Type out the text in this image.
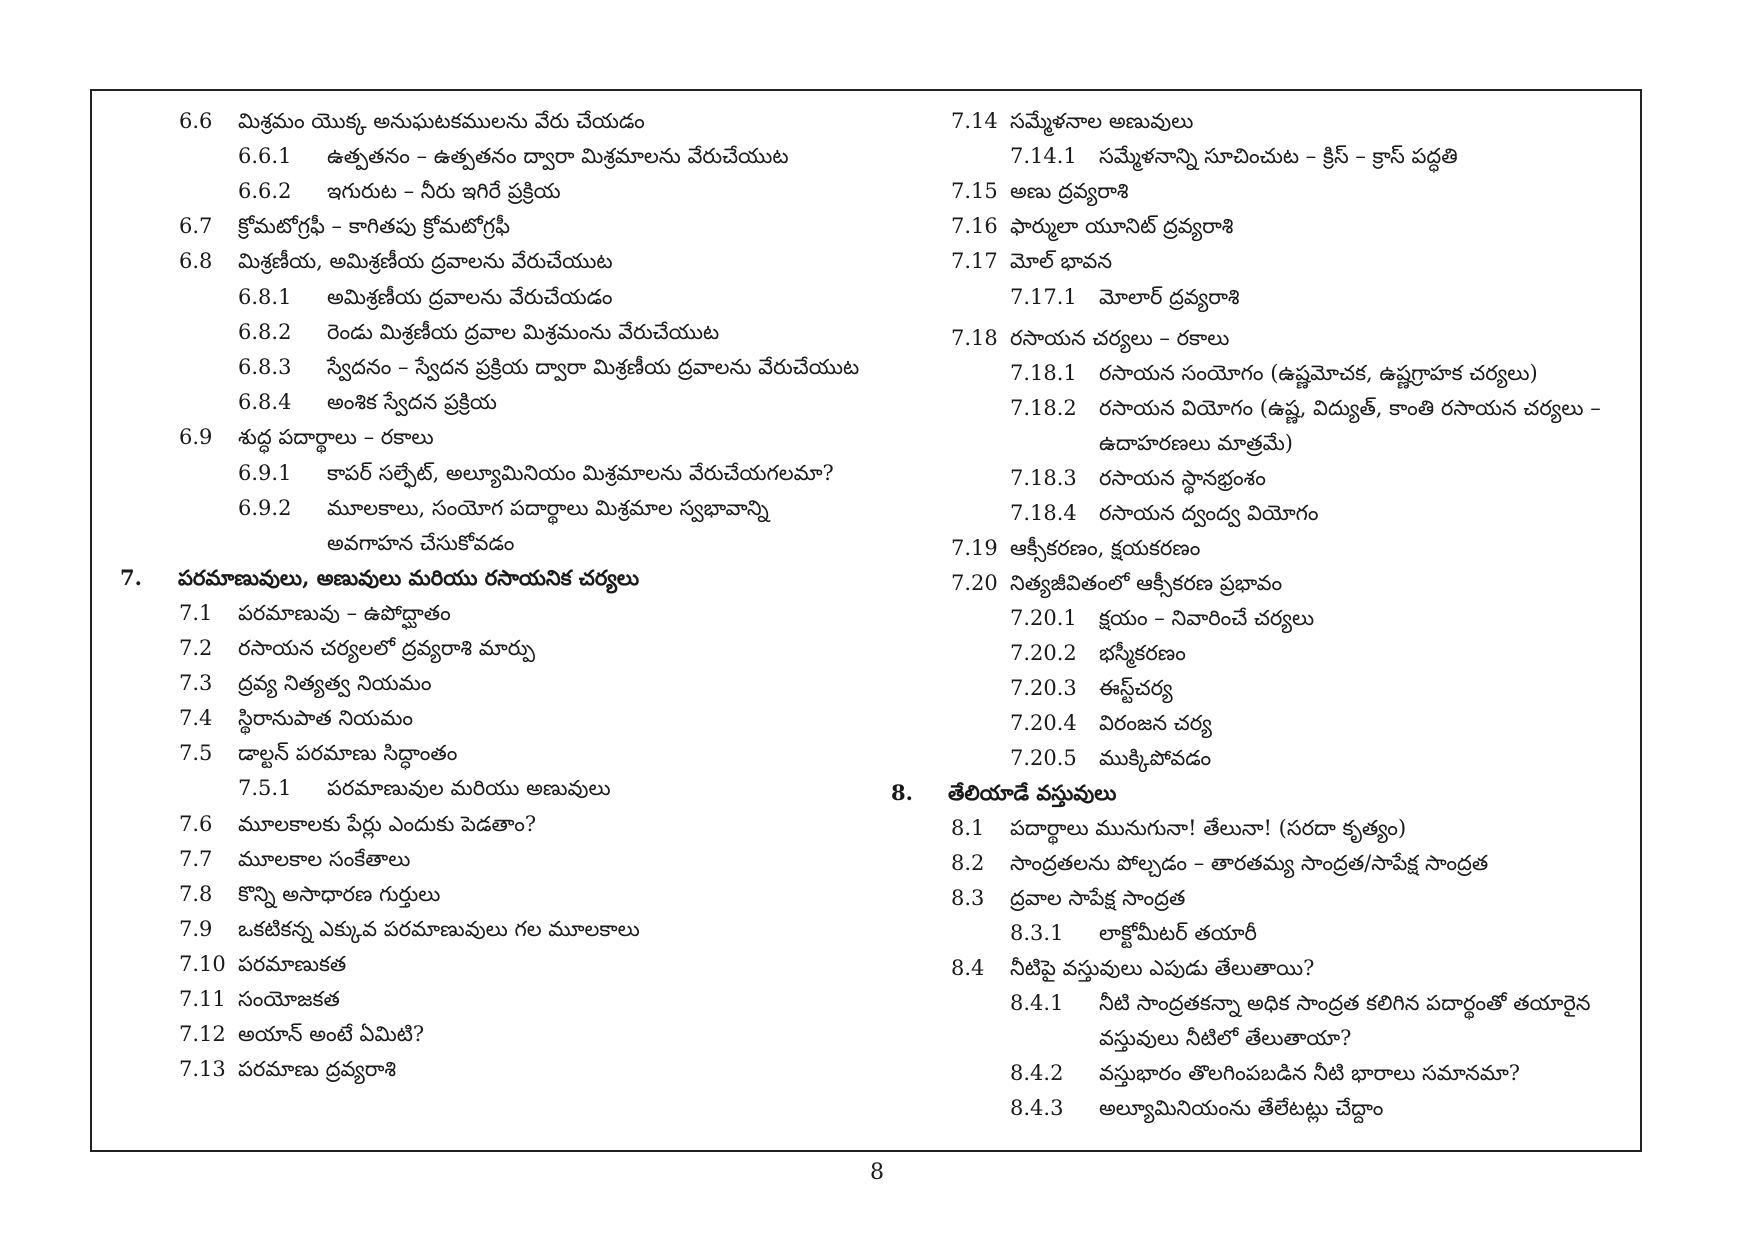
6.6 మిశ్రమం యొక్క అనుఘటకములను వేరు చేయడం
6.6.1 ఉత్పతనం – ఉత్పతనం ద్వారా మిశ్రమాలను వేరుచేయుట
6.6.2 ఇగురుట – నీరు ఇగిరే ప్రక్రియ
6.7 క్రోమటోగ్రఫీ – కాగితపు క్రోమటోగ్రఫీ
6.8 మిశ్రణీయ, అమిశ్రణీయ ద్రవాలను వేరుచేయుట
6.8.1 అమిశ్రణీయ ద్రవాలను వేరుచేయడం
6.8.2 రెండు మిశ్రణీయ ద్రవాల మిశ్రమంను వేరుచేయుట
6.8.3 స్వేదనం – స్వేదన ప్రక్రియ ద్వారా మిశ్రణీయ ద్రవాలను వేరుచేయుట
6.8.4 అంశిక స్వేదన ప్రక్రియ
6.9 శుద్ధ పదార్థాలు – రకాలు
6.9.1 కాపర్ సల్ఫేట్, అల్యూమినియం మిశ్రమాలను వేరుచేయగలమా?
6.9.2 మూలకాలు, సంయోగ పదార్థాలు మిశ్రమాల స్వభావాన్ని
అవగాహన చేసుకోవడం
7. పరమాణువులు, అణువులు మరియు రసాయనిక చర్యలు
7.1 పరమాణువు – ఉపోద్ఘాతం
7.2 రసాయన చర్యలలో ద్రవ్యరాశి మార్పు
7.3 ద్రవ్య నిత్యత్వ నియమం
7.4 స్థిరానుపాత నియమం
7.5 డాల్టన్ పరమాణు సిద్ధాంతం
7.5.1 పరమాణువుల మరియు అణువులు
7.6 మూలకాలకు పేర్లు ఎందుకు పెడతాం?
7.7 మూలకాల సంకేతాలు
7.8 కొన్ని అసాధారణ గుర్తులు
7.9 ఒకటికన్న ఎక్కువ పరమాణువులు గల మూలకాలు
7.10 పరమాణుకత
7.11 సంయోజకత
7.12 అయాన్ అంటే ఏమిటి?
7.13 పరమాణు ద్రవ్యరాశి
7.14 సమ్మేళనాల అణువులు
7.14.1 సమ్మేళనాన్ని సూచించుట – క్రిస్ – క్రాస్ పద్ధతి
7.15 అణు ద్రవ్యరాశి
7.16 ఫార్ములా యూనిట్ ద్రవ్యరాశి
7.17 మోల్ భావన
7.17.1 మోలార్ ద్రవ్యరాశి
7.18 రసాయన చర్యలు – రకాలు
7.18.1 రసాయన సంయోగం (ఉష్ణమోచక, ఉష్ణగ్రాహక చర్యలు)
7.18.2 రసాయన వియోగం (ఉష్ణ, విద్యుత్, కాంతి రసాయన చర్యలు –
ఉదాహరణలు మాత్రమే)
7.18.3 రసాయన స్థానభ్రంశం
7.18.4 రసాయన ద్వంద్వ వియోగం
7.19 ఆక్సీకరణం, క్షయకరణం
7.20 నిత్యజీవితంలో ఆక్సీకరణ ప్రభావం
7.20.1 క్షయం – నివారించే చర్యలు
7.20.2 భస్మీకరణం
7.20.3 ఈస్ట్‌చర్య
7.20.4 విరంజన చర్య
7.20.5 ముక్కిపోవడం
8. తేలియాడే వస్తువులు
8.1 పదార్థాలు మునుగునా! తేలునా! (సరదా కృత్యం)
8.2 సాంద్రతలను పోల్చడం – తారతమ్య సాంద్రత/సాపేక్ష సాంద్రత
8.3 ద్రవాల సాపేక్ష సాంద్రత
8.3.1 లాక్టోమీటర్ తయారీ
8.4 నీటిపై వస్తువులు ఎపుడు తేలుతాయి?
8.4.1 నీటి సాంద్రతకన్నా అధిక సాంద్రత కలిగిన పదార్థంతో తయారైన
వస్తువులు నీటిలో తేలుతాయా?
8.4.2 వస్తుభారం తొలగింపబడిన నీటి భారాలు సమానమా?
8.4.3 అల్యూమినియంను తేలేటట్లు చేద్దాం
8
